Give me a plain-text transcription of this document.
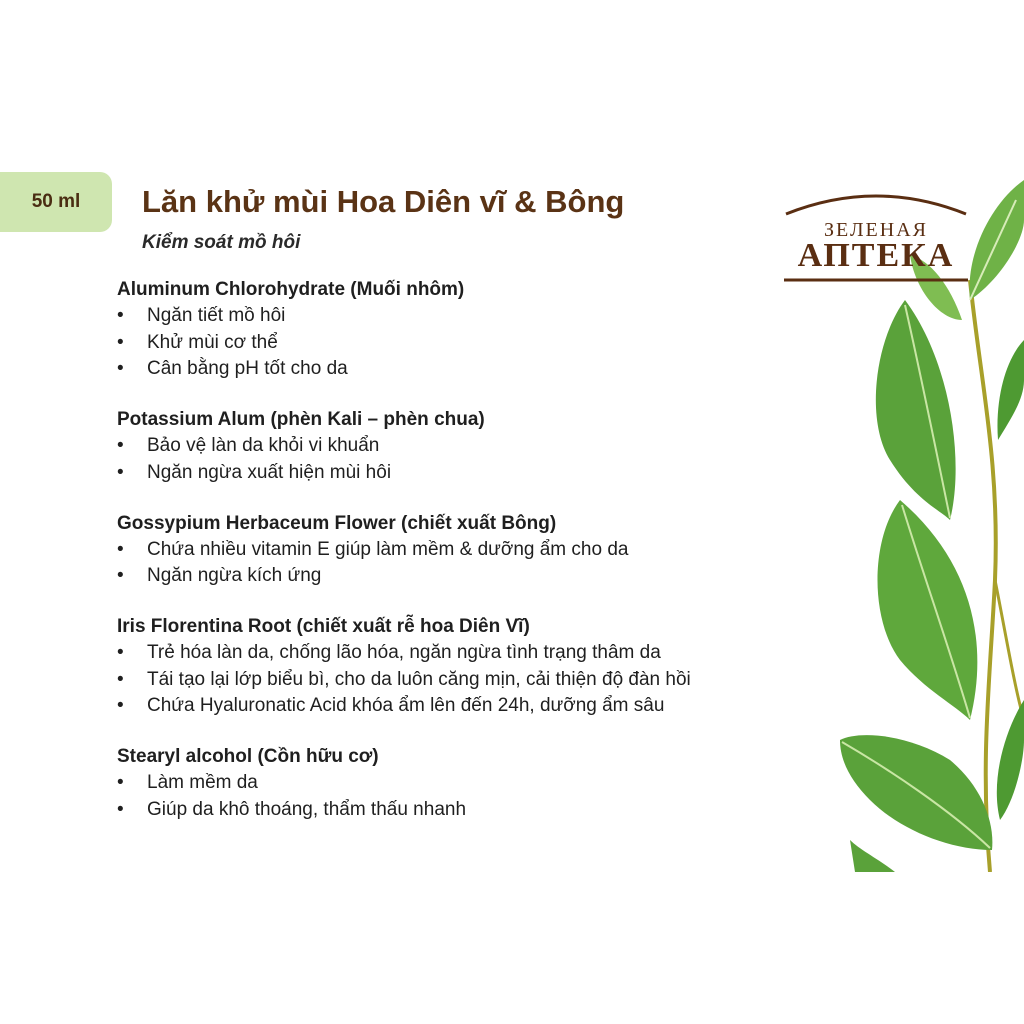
50 ml Lăn khử mùi Hoa Diên vĩ & Bông

Kiểm soát mồ hôi

Aluminum Chlorohydrate (Muối nhôm)
• Ngăn tiết mồ hôi
• Khử mùi cơ thể
• Cân bằng pH tốt cho da
Potassium Alum (phèn Kali – phèn chua)
• Bảo vệ làn da khỏi vi khuẩn
• Ngăn ngừa xuất hiện mùi hôi
Gossypium Herbaceum Flower (chiết xuất Bông)
• Chứa nhiều vitamin E giúp làm mềm & dưỡng ẩm cho da
• Ngăn ngừa kích ứng
Iris Florentina Root (chiết xuất rễ hoa Diên Vĩ)
• Trẻ hóa làn da, chống lão hóa, ngăn ngừa tình trạng thâm da
• Tái tạo lại lớp biểu bì, cho da luôn căng mịn, cải thiện độ đàn hồi
• Chứa Hyaluronatic Acid khóa ẩm lên đến 24h, dưỡng ẩm sâu
Stearyl alcohol (Cồn hữu cơ)
• Làm mềm da
• Giúp da khô thoáng, thẩm thấu nhanh
ЗЕЛЕНАЯ
АПТЕКА
